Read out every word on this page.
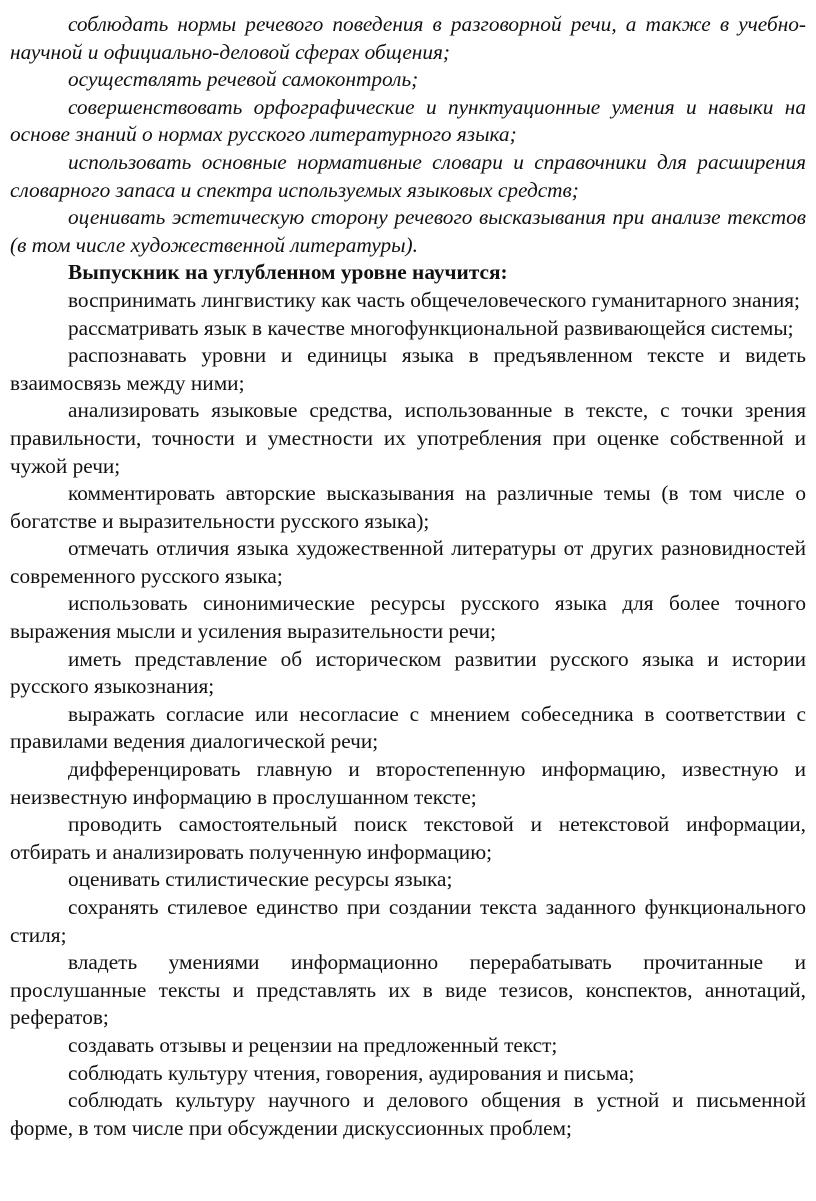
соблюдать нормы речевого поведения в разговорной речи, а также в учебно-научной и официально-деловой сферах общения;

осуществлять речевой самоконтроль;

совершенствовать орфографические и пунктуационные умения и навыки на основе знаний о нормах русского литературного языка;

использовать основные нормативные словари и справочники для расширения словарного запаса и спектра используемых языковых средств;

оценивать эстетическую сторону речевого высказывания при анализе текстов (в том числе художественной литературы).

Выпускник на углубленном уровне научится:

воспринимать лингвистику как часть общечеловеческого гуманитарного знания;

рассматривать язык в качестве многофункциональной развивающейся системы;

распознавать уровни и единицы языка в предъявленном тексте и видеть взаимосвязь между ними;

анализировать языковые средства, использованные в тексте, с точки зрения правильности, точности и уместности их употребления при оценке собственной и чужой речи;

комментировать авторские высказывания на различные темы (в том числе о богатстве и выразительности русского языка);

отмечать отличия языка художественной литературы от других разновидностей современного русского языка;

использовать синонимические ресурсы русского языка для более точного выражения мысли и усиления выразительности речи;

иметь представление об историческом развитии русского языка и истории русского языкознания;

выражать согласие или несогласие с мнением собеседника в соответствии с правилами ведения диалогической речи;

дифференцировать главную и второстепенную информацию, известную и неизвестную информацию в прослушанном тексте;

проводить самостоятельный поиск текстовой и нетекстовой информации, отбирать и анализировать полученную информацию;

оценивать стилистические ресурсы языка;

сохранять стилевое единство при создании текста заданного функционального стиля;

владеть умениями информационно перерабатывать прочитанные и прослушанные тексты и представлять их в виде тезисов, конспектов, аннотаций, рефератов;

создавать отзывы и рецензии на предложенный текст;

соблюдать культуру чтения, говорения, аудирования и письма;

соблюдать культуру научного и делового общения в устной и письменной форме, в том числе при обсуждении дискуссионных проблем;
